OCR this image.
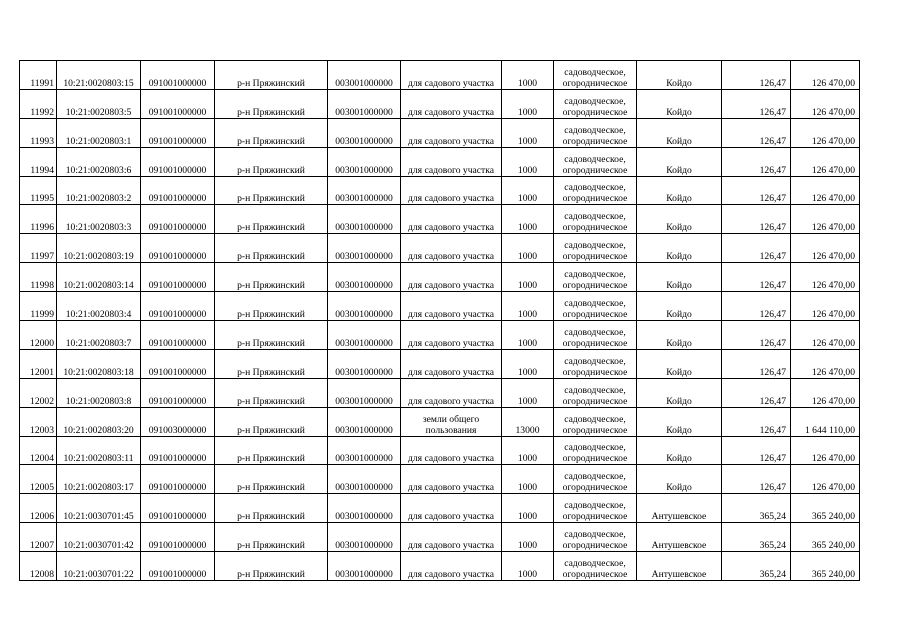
11991	10:21:0020803:15	091001000000	р-н Пряжинский	003001000000	для садового участка	1000	садоводческое, огородническое	Койдо	126,47	126 470,00
11992	10:21:0020803:5	091001000000	р-н Пряжинский	003001000000	для садового участка	1000	садоводческое, огородническое	Койдо	126,47	126 470,00
11993	10:21:0020803:1	091001000000	р-н Пряжинский	003001000000	для садового участка	1000	садоводческое, огородническое	Койдо	126,47	126 470,00
11994	10:21:0020803:6	091001000000	р-н Пряжинский	003001000000	для садового участка	1000	садоводческое, огородническое	Койдо	126,47	126 470,00
11995	10:21:0020803:2	091001000000	р-н Пряжинский	003001000000	для садового участка	1000	садоводческое, огородническое	Койдо	126,47	126 470,00
11996	10:21:0020803:3	091001000000	р-н Пряжинский	003001000000	для садового участка	1000	садоводческое, огородническое	Койдо	126,47	126 470,00
11997	10:21:0020803:19	091001000000	р-н Пряжинский	003001000000	для садового участка	1000	садоводческое, огородническое	Койдо	126,47	126 470,00
11998	10:21:0020803:14	091001000000	р-н Пряжинский	003001000000	для садового участка	1000	садоводческое, огородническое	Койдо	126,47	126 470,00
11999	10:21:0020803:4	091001000000	р-н Пряжинский	003001000000	для садового участка	1000	садоводческое, огородническое	Койдо	126,47	126 470,00
12000	10:21:0020803:7	091001000000	р-н Пряжинский	003001000000	для садового участка	1000	садоводческое, огородническое	Койдо	126,47	126 470,00
12001	10:21:0020803:18	091001000000	р-н Пряжинский	003001000000	для садового участка	1000	садоводческое, огородническое	Койдо	126,47	126 470,00
12002	10:21:0020803:8	091001000000	р-н Пряжинский	003001000000	для садового участка	1000	садоводческое, огородническое	Койдо	126,47	126 470,00
12003	10:21:0020803:20	091003000000	р-н Пряжинский	003001000000	земли общего пользования	13000	садоводческое, огородническое	Койдо	126,47	1 644 110,00
12004	10:21:0020803:11	091001000000	р-н Пряжинский	003001000000	для садового участка	1000	садоводческое, огородническое	Койдо	126,47	126 470,00
12005	10:21:0020803:17	091001000000	р-н Пряжинский	003001000000	для садового участка	1000	садоводческое, огородническое	Койдо	126,47	126 470,00
12006	10:21:0030701:45	091001000000	р-н Пряжинский	003001000000	для садового участка	1000	садоводческое, огородническое	Антушевское	365,24	365 240,00
12007	10:21:0030701:42	091001000000	р-н Пряжинский	003001000000	для садового участка	1000	садоводческое, огородническое	Антушевское	365,24	365 240,00
12008	10:21:0030701:22	091001000000	р-н Пряжинский	003001000000	для садового участка	1000	садоводческое, огородническое	Антушевское	365,24	365 240,00
